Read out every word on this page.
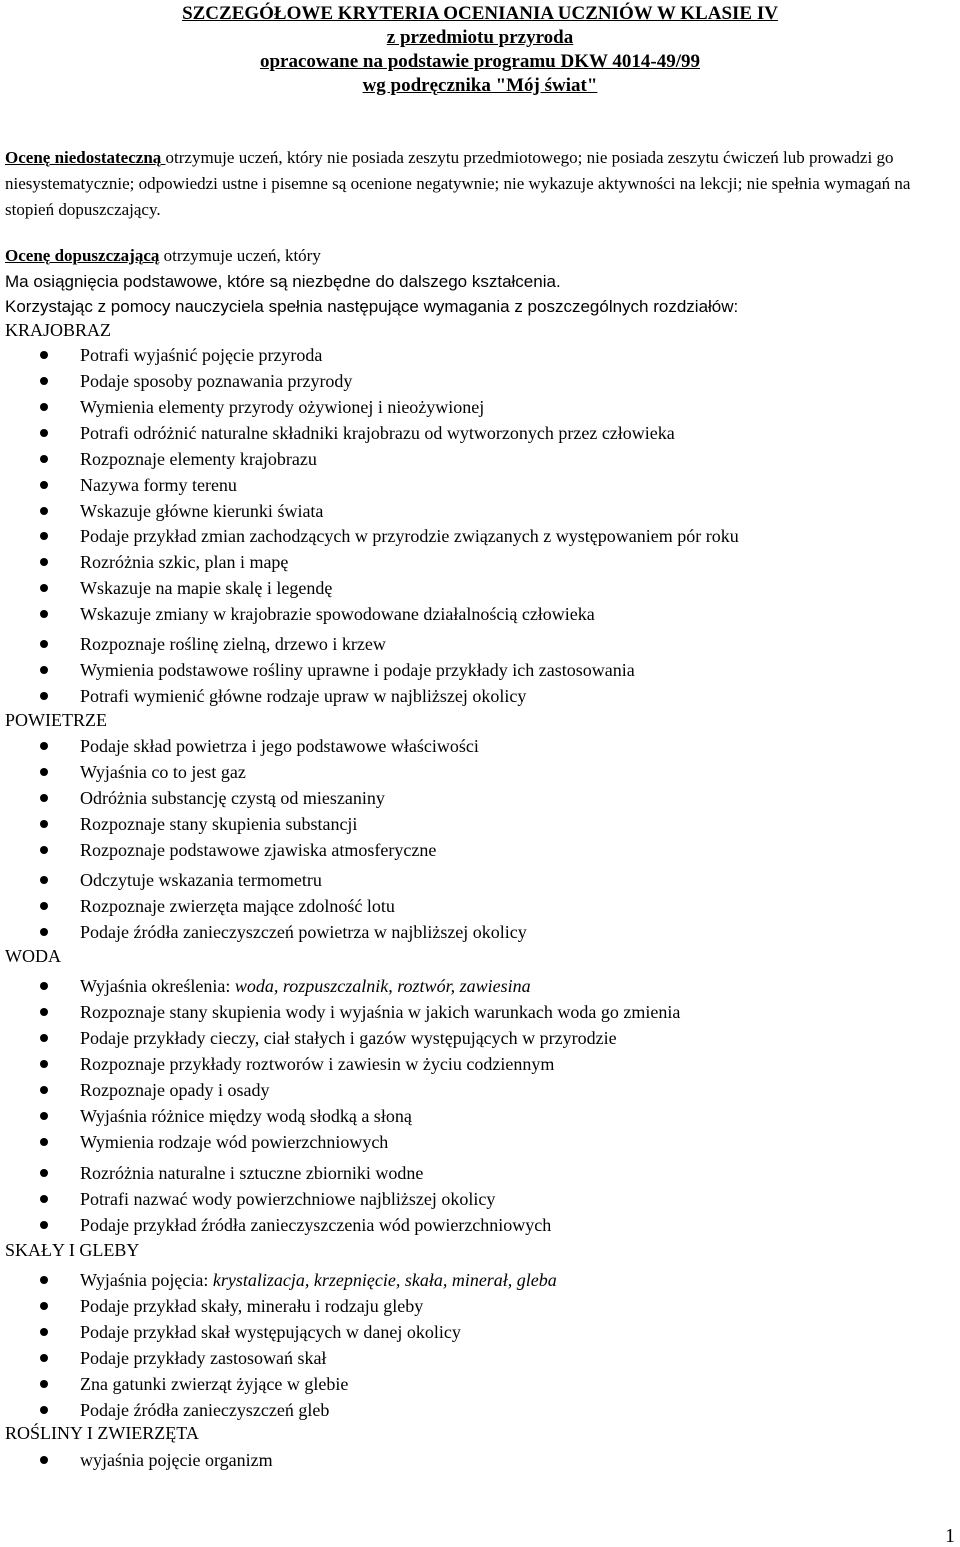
SZCZEGÓŁOWE KRYTERIA OCENIANIA UCZNIÓW W KLASIE IV
z przedmiotu przyroda
opracowane na podstawie programu DKW 4014-49/99
wg podręcznika "Mój świat"
Ocenę niedostateczną otrzymuje uczeń, który nie posiada zeszytu przedmiotowego; nie posiada zeszytu ćwiczeń lub prowadzi go niesystematycznie; odpowiedzi ustne i pisemne są ocenione negatywnie; nie wykazuje aktywności na lekcji; nie spełnia wymagań na stopień dopuszczający.
Ocenę dopuszczającą otrzymuje uczeń, który
Ma osiągnięcia podstawowe, które są niezbędne do dalszego kształcenia.
Korzystając z pomocy nauczyciela spełnia następujące wymagania z poszczególnych rozdziałów:
KRAJOBRAZ
Potrafi wyjaśnić pojęcie przyroda
Podaje sposoby poznawania przyrody
Wymienia elementy przyrody ożywionej i nieożywionej
Potrafi odróżnić naturalne składniki krajobrazu od wytworzonych przez człowieka
Rozpoznaje elementy krajobrazu
Nazywa formy terenu
Wskazuje główne kierunki świata
Podaje przykład zmian zachodzących w przyrodzie związanych z występowaniem pór roku
Rozróżnia szkic, plan i mapę
Wskazuje na mapie skalę i legendę
Wskazuje zmiany w krajobrazie spowodowane działalnością człowieka
Rozpoznaje roślinę zielną, drzewo i krzew
Wymienia podstawowe rośliny uprawne i podaje przykłady ich zastosowania
Potrafi wymienić główne rodzaje upraw w najbliższej okolicy
POWIETRZE
Podaje skład powietrza i jego podstawowe właściwości
Wyjaśnia co to jest gaz
Odróżnia substancję czystą od mieszaniny
Rozpoznaje stany skupienia substancji
Rozpoznaje podstawowe zjawiska atmosferyczne
Odczytuje wskazania termometru
Rozpoznaje zwierzęta mające zdolność lotu
Podaje źródła zanieczyszczeń powietrza w najbliższej okolicy
WODA
Wyjaśnia określenia: woda, rozpuszczalnik, roztwór, zawiesina
Rozpoznaje stany skupienia wody i wyjaśnia w jakich warunkach woda go zmienia
Podaje przykłady cieczy, ciał stałych i gazów występujących w przyrodzie
Rozpoznaje przykłady roztworów i zawiesin w życiu codziennym
Rozpoznaje opady i osady
Wyjaśnia różnice między wodą słodką a słoną
Wymienia rodzaje wód powierzchniowych
Rozróżnia naturalne i sztuczne zbiorniki wodne
Potrafi nazwać wody powierzchniowe najbliższej okolicy
Podaje przykład źródła zanieczyszczenia wód powierzchniowych
SKAŁY I GLEBY
Wyjaśnia pojęcia: krystalizacja, krzepnięcie, skała, minerał, gleba
Podaje przykład skały, minerału i rodzaju gleby
Podaje przykład skał występujących w danej okolicy
Podaje przykłady zastosowań skał
Zna gatunki zwierząt żyjące w glebie
Podaje źródła zanieczyszczeń gleb
ROŚLINY I ZWIERZĘTA
wyjaśnia pojęcie organizm
1
